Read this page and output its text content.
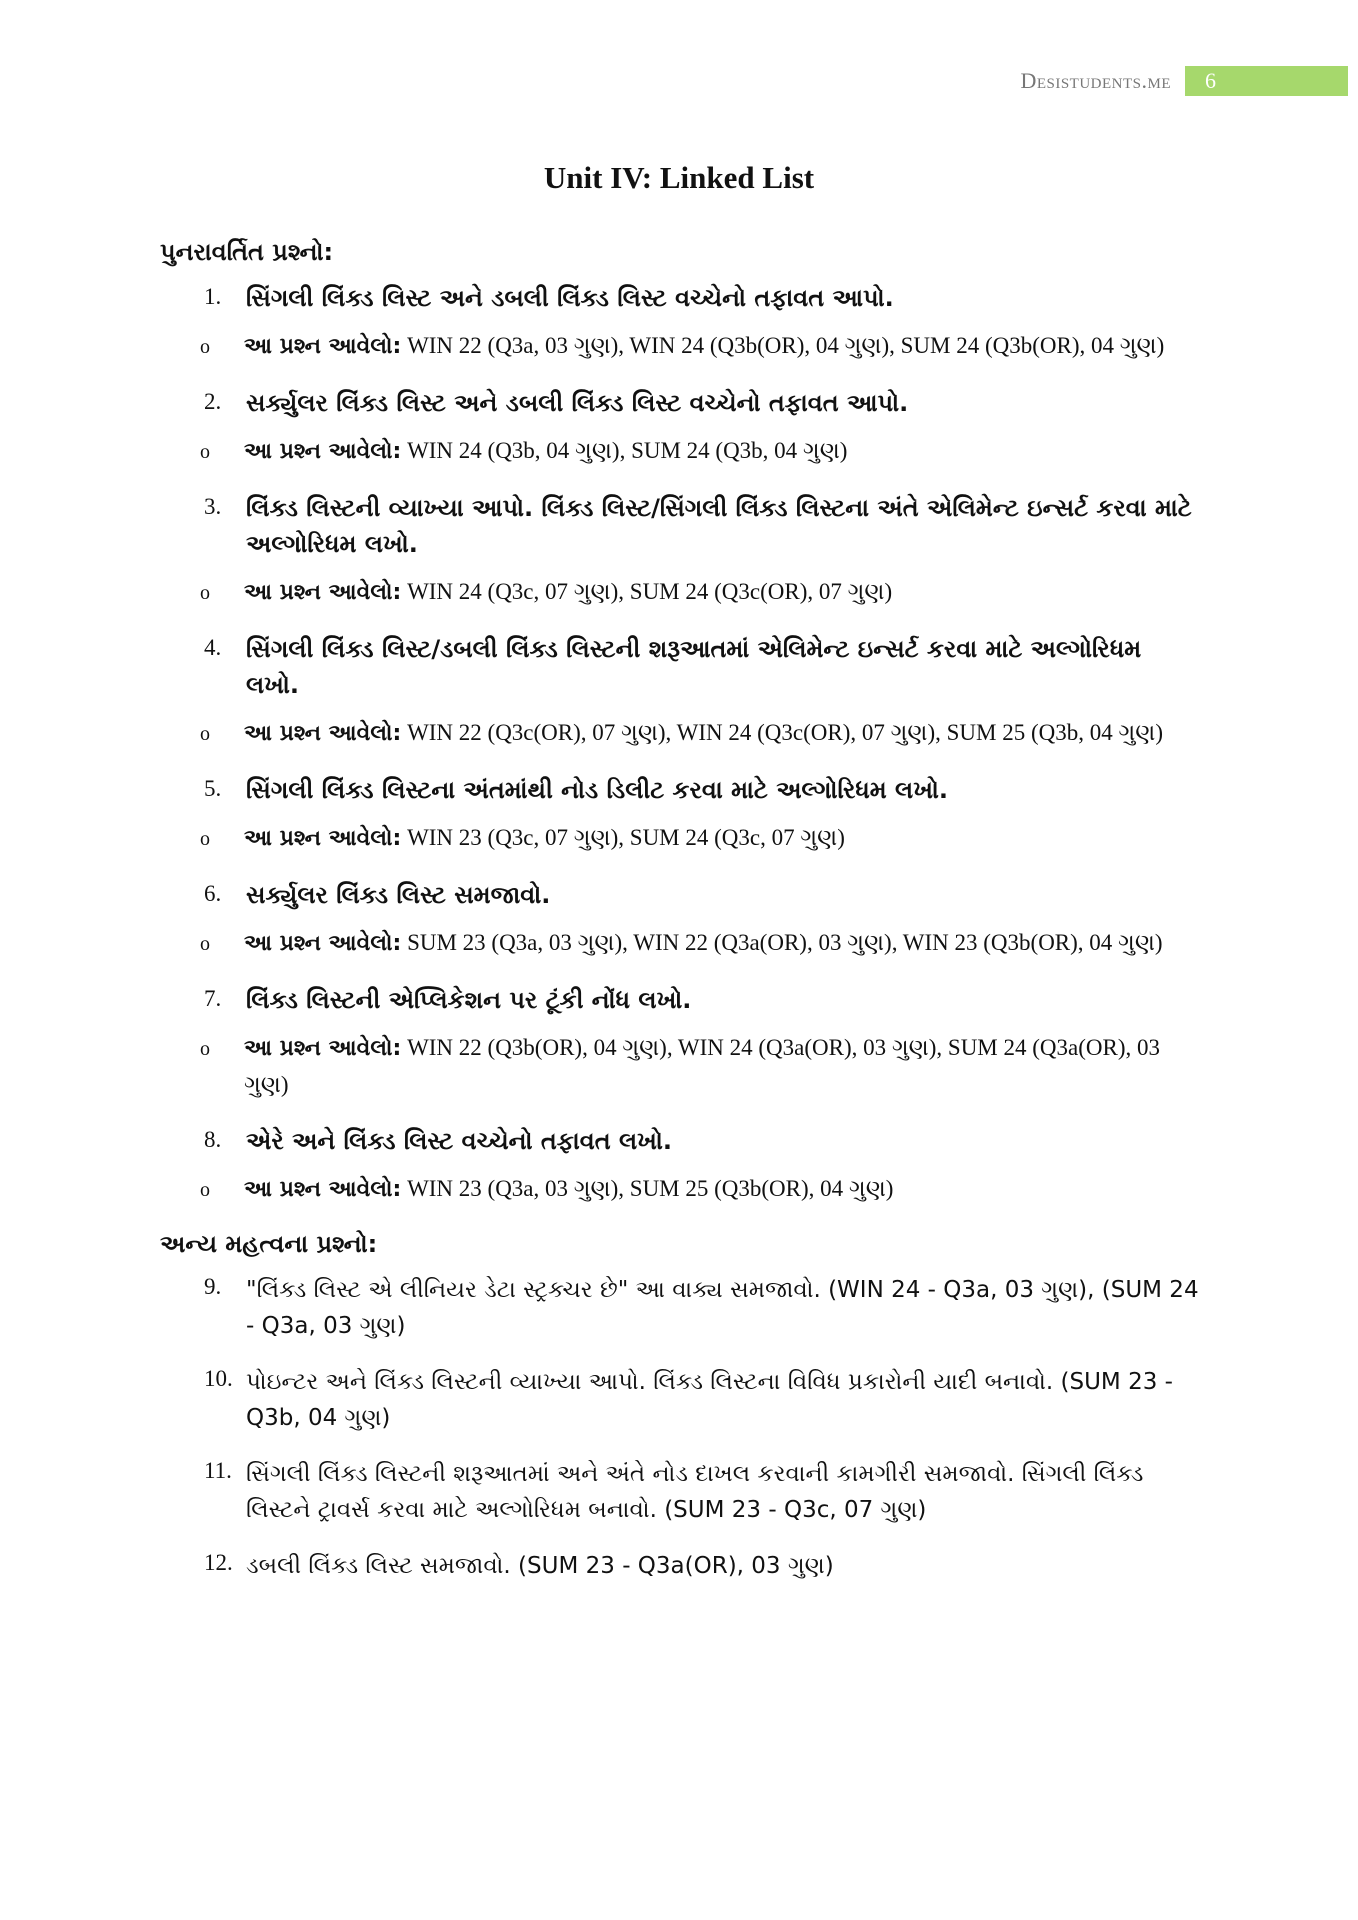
Desistudents.me	6
Unit IV: Linked List
પુનરાવર્તિત પ્રશ્નો:
1. સિંગલી લિંક્ડ લિસ્ટ અને ડબલી લિંક્ડ લિસ્ટ વચ્ચેનો તફાવત આપો.
o આ પ્રશ્ન આવેલો: WIN 22 (Q3a, 03 ગુણ), WIN 24 (Q3b(OR), 04 ગુણ), SUM 24 (Q3b(OR), 04 ગુણ)
2. સર્ક્યુલર લિંક્ડ લિસ્ટ અને ડબલી લિંક્ડ લિસ્ટ વચ્ચેનો તફાવત આપો.
o આ પ્રશ્ન આવેલો: WIN 24 (Q3b, 04 ગુણ), SUM 24 (Q3b, 04 ગુણ)
3. લિંક્ડ લિસ્ટની વ્યાખ્યા આપો. લિંક્ડ લિસ્ટ/સિંગલી લિંક્ડ લિસ્ટના અંતે એલિમેન્ટ ઇન્સર્ટ કરવા માટે અલ્ગોરિધમ લખો.
o આ પ્રશ્ન આવેલો: WIN 24 (Q3c, 07 ગુણ), SUM 24 (Q3c(OR), 07 ગુણ)
4. સિંગલી લિંક્ડ લિસ્ટ/ડબલી લિંક્ડ લિસ્ટની શરૂઆતમાં એલિમેન્ટ ઇન્સર્ટ કરવા માટે અલ્ગોરિધમ લખો.
o આ પ્રશ્ન આવેલો: WIN 22 (Q3c(OR), 07 ગુણ), WIN 24 (Q3c(OR), 07 ગુણ), SUM 25 (Q3b, 04 ગુણ)
5. સિંગલી લિંક્ડ લિસ્ટના અંતમાંથી નોડ ડિલીટ કરવા માટે અલ્ગોરિધમ લખો.
o આ પ્રશ્ન આવેલો: WIN 23 (Q3c, 07 ગુણ), SUM 24 (Q3c, 07 ગુણ)
6. સર્ક્યુલર લિંક્ડ લિસ્ટ સમજાવો.
o આ પ્રશ્ન આવેલો: SUM 23 (Q3a, 03 ગુણ), WIN 22 (Q3a(OR), 03 ગુણ), WIN 23 (Q3b(OR), 04 ગુણ)
7. લિંક્ડ લિસ્ટની એપ્લિકેશન પર ટૂંકી નોંધ લખો.
o આ પ્રશ્ન આવેલો: WIN 22 (Q3b(OR), 04 ગુણ), WIN 24 (Q3a(OR), 03 ગુણ), SUM 24 (Q3a(OR), 03 ગુણ)
8. એરે અને લિંક્ડ લિસ્ટ વચ્ચેનો તફાવત લખો.
o આ પ્રશ્ન આવેલો: WIN 23 (Q3a, 03 ગુણ), SUM 25 (Q3b(OR), 04 ગુણ)
અન્ય મહત્વના પ્રશ્નો:
9. "લિંક્ડ લિસ્ટ એ લીનિયર ડેટા સ્ટ્રક્ચર છે" આ વાક્ય સમજાવો. (WIN 24 - Q3a, 03 ગુણ), (SUM 24 - Q3a, 03 ગુણ)
10. પોઇન્ટર અને લિંક્ડ લિસ્ટની વ્યાખ્યા આપો. લિંક્ડ લિસ્ટના વિવિધ પ્રકારોની યાદી બનાવો. (SUM 23 - Q3b, 04 ગુણ)
11. સિંગલી લિંક્ડ લિસ્ટની શરૂઆતમાં અને અંતે નોડ દાખલ કરવાની કામગીરી સમજાવો. સિંગલી લિંક્ડ લિસ્ટને ટ્રાવર્સ કરવા માટે અલ્ગોરિધમ બનાવો. (SUM 23 - Q3c, 07 ગુણ)
12. ડબલી લિંક્ડ લિસ્ટ સમજાવો. (SUM 23 - Q3a(OR), 03 ગુણ)
